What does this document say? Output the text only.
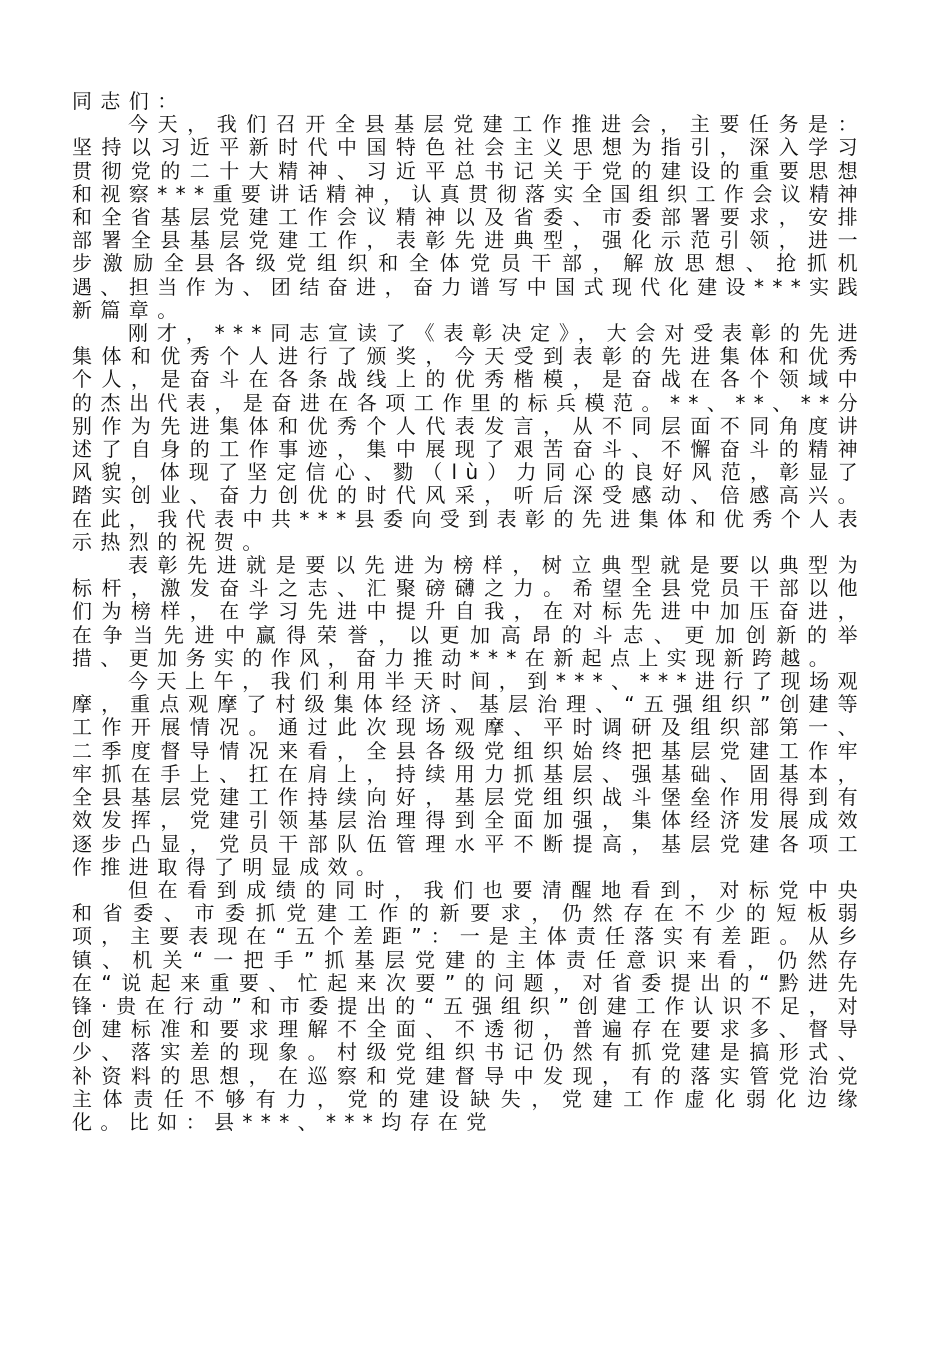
同志们：

今天，我们召开全县基层党建工作推进会，主要任务是：坚持以习近平新时代中国特色社会主义思想为指引，深入学习贯彻党的二十大精神、习近平总书记关于党的建设的重要思想和视察***重要讲话精神，认真贯彻落实全国组织工作会议精神和全省基层党建工作会议精神以及省委、市委部署要求，安排部署全县基层党建工作，表彰先进典型，强化示范引领，进一步激励全县各级党组织和全体党员干部，解放思想、抢抓机遇、担当作为、团结奋进，奋力谱写中国式现代化建设***实践新篇章。

刚才，***同志宣读了《表彰决定》，大会对受表彰的先进集体和优秀个人进行了颁奖，今天受到表彰的先进集体和优秀个人，是奋斗在各条战线上的优秀楷模，是奋战在各个领域中的杰出代表，是奋进在各项工作里的标兵模范。**、**、**分别作为先进集体和优秀个人代表发言，从不同层面不同角度讲述了自身的工作事迹，集中展现了艰苦奋斗、不懈奋斗的精神风貌，体现了坚定信心、勠（lù）力同心的良好风范，彰显了踏实创业、奋力创优的时代风采，听后深受感动、倍感高兴。在此，我代表中共***县委向受到表彰的先进集体和优秀个人表示热烈的祝贺。

表彰先进就是要以先进为榜样，树立典型就是要以典型为标杆，激发奋斗之志、汇聚磅礴之力。希望全县党员干部以他们为榜样，在学习先进中提升自我，在对标先进中加压奋进，在争当先进中赢得荣誉，以更加高昂的斗志、更加创新的举措、更加务实的作风，奋力推动***在新起点上实现新跨越。

今天上午，我们利用半天时间，到***、***进行了现场观摩，重点观摩了村级集体经济、基层治理、“五强组织”创建等工作开展情况。通过此次现场观摩、平时调研及组织部第一、二季度督导情况来看，全县各级党组织始终把基层党建工作牢牢抓在手上、扛在肩上，持续用力抓基层、强基础、固基本，全县基层党建工作持续向好，基层党组织战斗堡垒作用得到有效发挥，党建引领基层治理得到全面加强，集体经济发展成效逐步凸显，党员干部队伍管理水平不断提高，基层党建各项工作推进取得了明显成效。

但在看到成绩的同时，我们也要清醒地看到，对标党中央和省委、市委抓党建工作的新要求，仍然存在不少的短板弱项，主要表现在“五个差距”：一是主体责任落实有差距。从乡镇、机关“一把手”抓基层党建的主体责任意识来看，仍然存在“说起来重要、忙起来次要”的问题，对省委提出的“黔进先锋·贵在行动”和市委提出的“五强组织”创建工作认识不足，对创建标准和要求理解不全面、不透彻，普遍存在要求多、督导少、落实差的现象。村级党组织书记仍然有抓党建是搞形式、补资料的思想，在巡察和党建督导中发现，有的落实管党治党主体责任不够有力，党的建设缺失，党建工作虚化弱化边缘化。比如：县***、***均存在党
